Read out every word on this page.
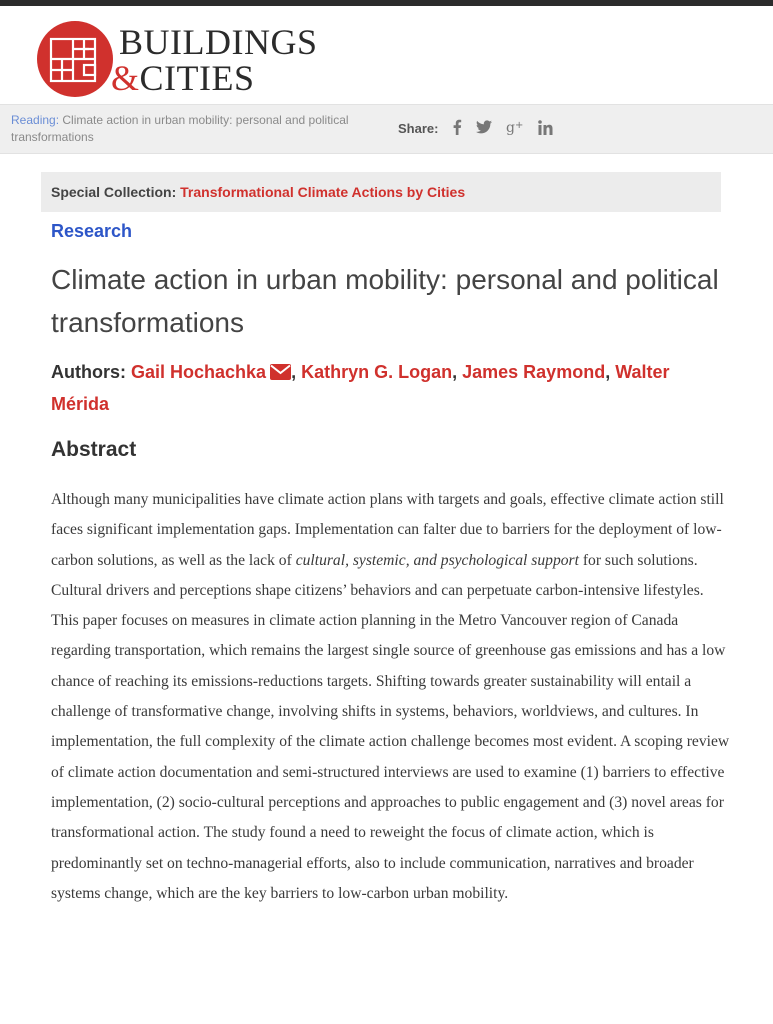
BUILDINGS
&CITIES
Reading: Climate action in urban mobility: personal and political transformations
Share:	g +
Special Collection: Transformational Climate Actions by Cities
Research
Climate action in urban mobility: personal and political transformations
Authors: Gail Hochachka , Kathryn G. Logan, James Raymond, Walter Mérida
Abstract
Although many municipalities have climate action plans with targets and goals, effective climate action still faces significant implementation gaps. Implementation can falter due to barriers for the deployment of low-carbon solutions, as well as the lack of cultural, systemic, and psychological support for such solutions. Cultural drivers and perceptions shape citizens’ behaviors and can perpetuate carbon-intensive lifestyles. This paper focuses on measures in climate action planning in the Metro Vancouver region of Canada regarding transportation, which remains the largest single source of greenhouse gas emissions and has a low chance of reaching its emissions-reductions targets. Shifting towards greater sustainability will entail a challenge of transformative change, involving shifts in systems, behaviors, worldviews, and cultures. In implementation, the full complexity of the climate action challenge becomes most evident. A scoping review of climate action documentation and semi-structured interviews are used to examine (1) barriers to effective implementation, (2) socio-cultural perceptions and approaches to public engagement and (3) novel areas for transformational action. The study found a need to reweight the focus of climate action, which is predominantly set on techno-managerial efforts, also to include communication, narratives and broader systems change, which are the key barriers to low-carbon urban mobility.
